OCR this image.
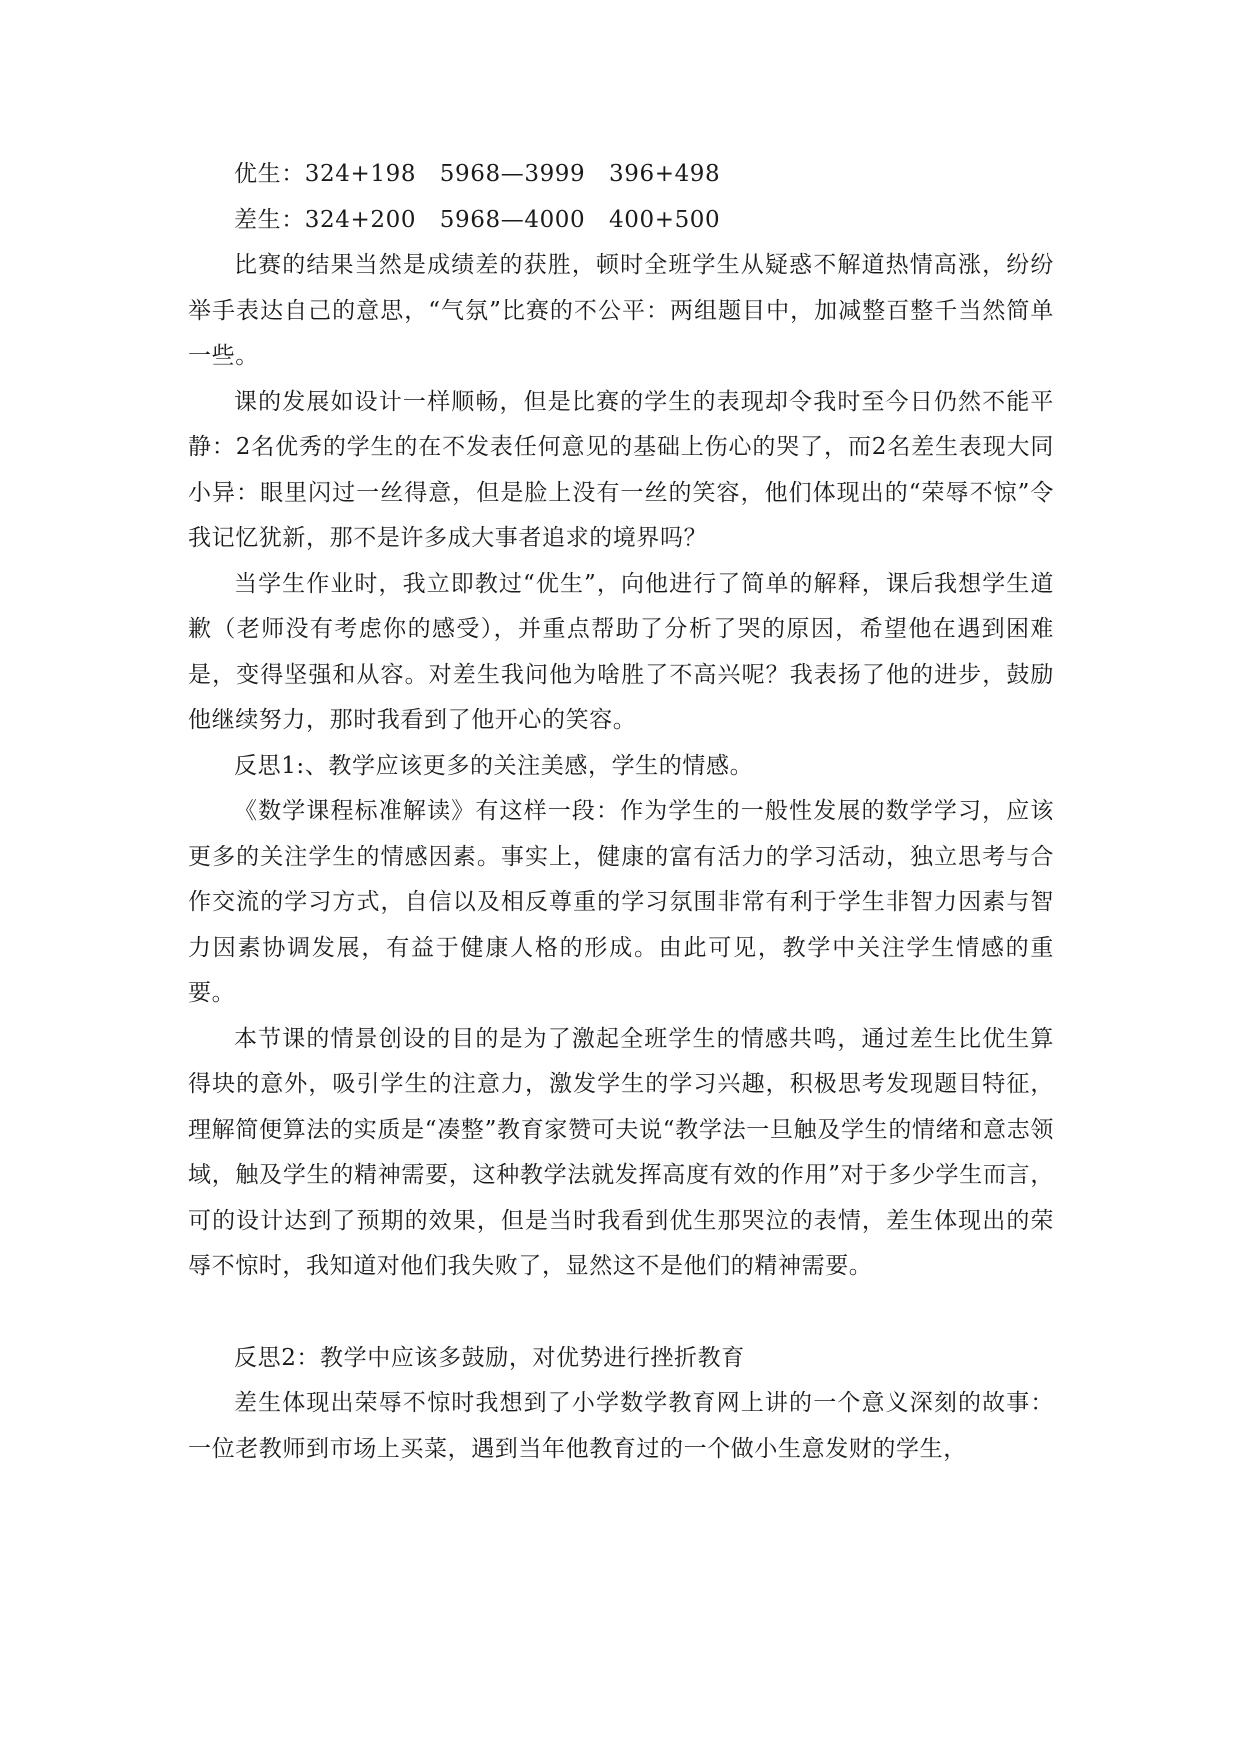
优生：324+198   5968—3999   396+498

差生：324+200   5968—4000   400+500

比赛的结果当然是成绩差的获胜，顿时全班学生从疑惑不解道热情高涨，纷纷举手表达自己的意思，“气氛”比赛的不公平：两组题目中，加减整百整千当然简单一些。

课的发展如设计一样顺畅，但是比赛的学生的表现却令我时至今日仍然不能平静：2名优秀的学生的在不发表任何意见的基础上伤心的哭了，而2名差生表现大同小异：眼里闪过一丝得意，但是脸上没有一丝的笑容，他们体现出的“荣辱不惊”令我记忆犹新，那不是许多成大事者追求的境界吗？

当学生作业时，我立即教过“优生”，向他进行了简单的解释，课后我想学生道歉（老师没有考虑你的感受），并重点帮助了分析了哭的原因，希望他在遇到困难是，变得坚强和从容。对差生我问他为啥胜了不高兴呢？我表扬了他的进步，鼓励他继续努力，那时我看到了他开心的笑容。

反思1:、教学应该更多的关注美感，学生的情感。

《数学课程标准解读》有这样一段：作为学生的一般性发展的数学学习，应该更多的关注学生的情感因素。事实上，健康的富有活力的学习活动，独立思考与合作交流的学习方式，自信以及相反尊重的学习氛围非常有利于学生非智力因素与智力因素协调发展，有益于健康人格的形成。由此可见，教学中关注学生情感的重要。

本节课的情景创设的目的是为了激起全班学生的情感共鸣，通过差生比优生算得块的意外，吸引学生的注意力，激发学生的学习兴趣，积极思考发现题目特征，理解简便算法的实质是“凑整”教育家赞可夫说“教学法一旦触及学生的情绪和意志领域，触及学生的精神需要，这种教学法就发挥高度有效的作用”对于多少学生而言，可的设计达到了预期的效果，但是当时我看到优生那哭泣的表情，差生体现出的荣辱不惊时，我知道对他们我失败了，显然这不是他们的精神需要。

反思2：教学中应该多鼓励，对优势进行挫折教育

差生体现出荣辱不惊时我想到了小学数学教育网上讲的一个意义深刻的故事：一位老教师到市场上买菜，遇到当年他教育过的一个做小生意发财的学生，
